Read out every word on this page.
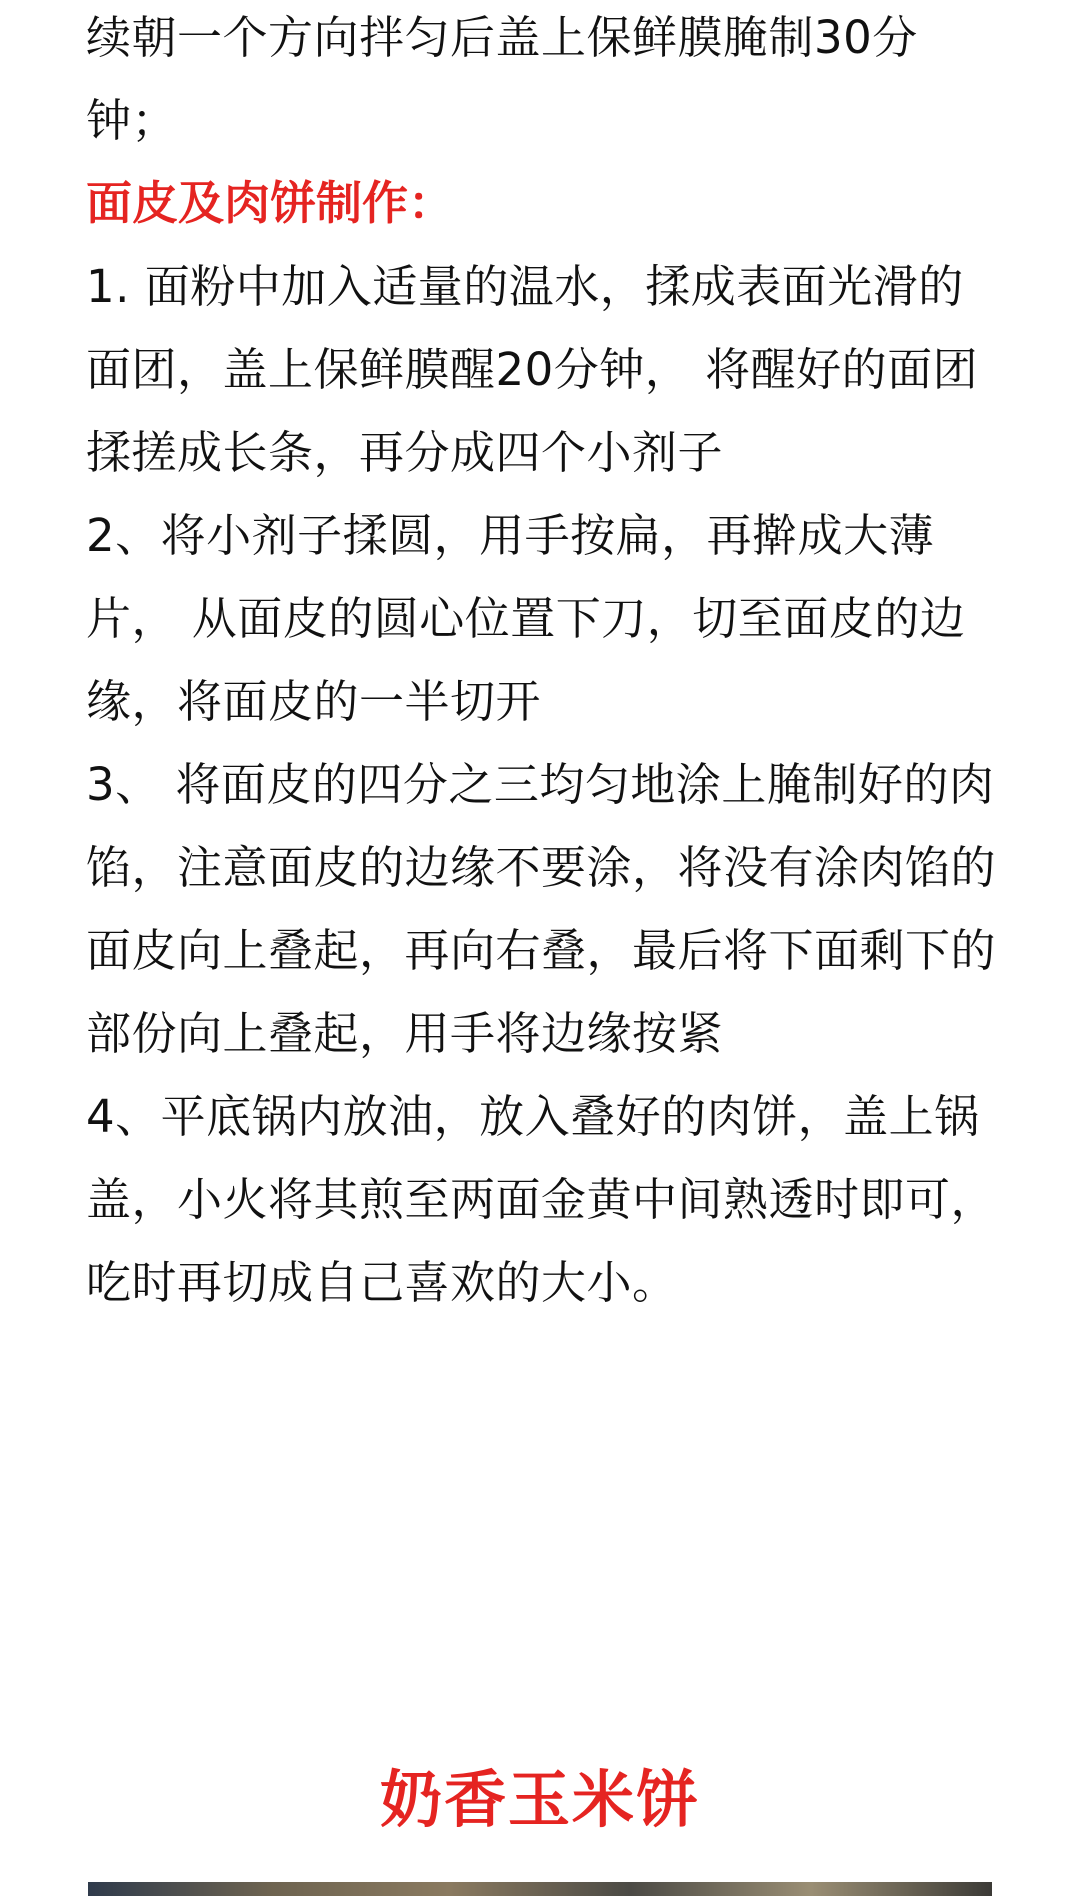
续朝一个方向拌匀后盖上保鲜膜腌制30分钟；

面皮及肉饼制作：

1. 面粉中加入适量的温水，揉成表面光滑的面团，盖上保鲜膜醒20分钟， 将醒好的面团揉搓成长条，再分成四个小剂子

2、将小剂子揉圆，用手按扁，再擀成大薄片， 从面皮的圆心位置下刀，切至面皮的边缘，将面皮的一半切开

3、 将面皮的四分之三均匀地涂上腌制好的肉馅，注意面皮的边缘不要涂，将没有涂肉馅的面皮向上叠起，再向右叠，最后将下面剩下的部份向上叠起，用手将边缘按紧

4、平底锅内放油，放入叠好的肉饼，盖上锅盖，小火将其煎至两面金黄中间熟透时即可，吃时再切成自己喜欢的大小。

奶香玉米饼
